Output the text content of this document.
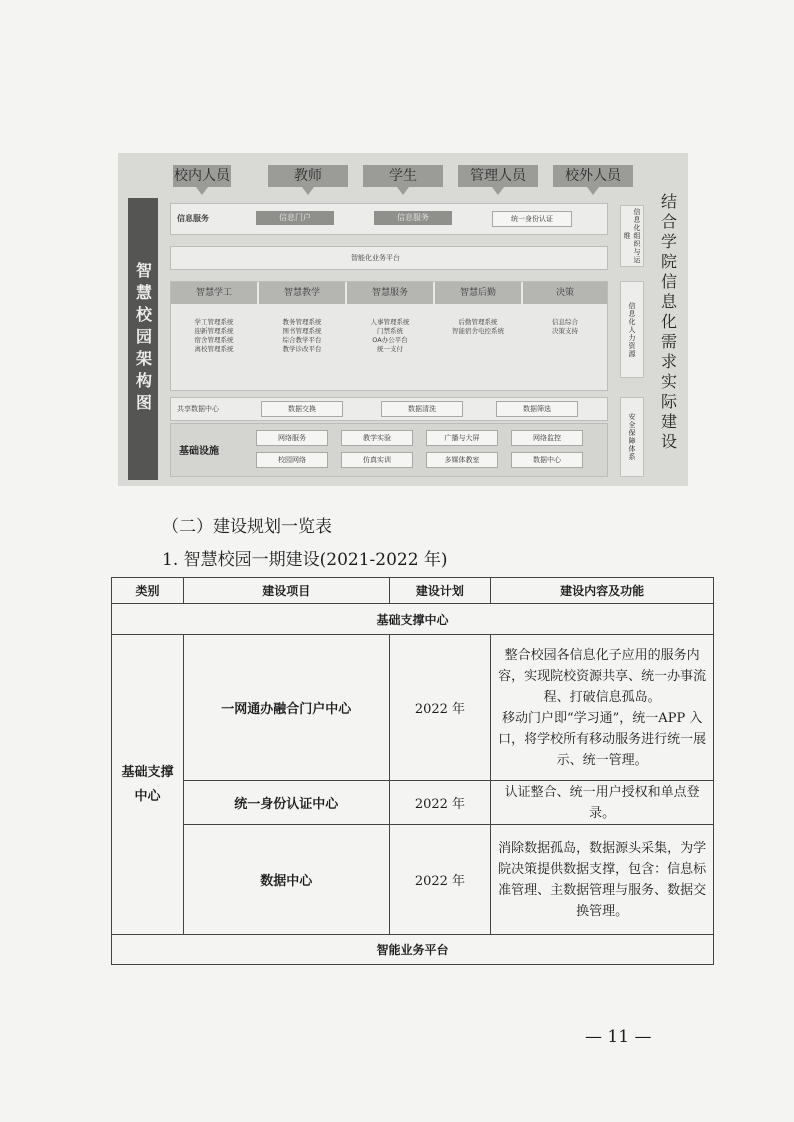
校内人员	教师	学生	管理人员	校外人员
智慧校园架构图
信息服务	信息门户	信息服务	统一身份认证
智能化业务平台
智慧学工	智慧教学	智慧服务	智慧后勤	决策
学工管理系统
迎新管理系统
宿舍管理系统
离校管理系统
教务管理系统
图书管理系统
综合教学平台
教学诊改平台
人事管理系统
门禁系统
OA办公平台
统一支付
后勤管理系统
智能宿舍电控系统
信息综合
决策支持
共享数据中心	数据交换	数据清洗	数据筛选
基础设施
网络服务	教学实验	广播与大屏	网络监控
校园网络	仿真实训	多媒体教室	数据中心
信息化组织与运维
信息化人力资源
安全保障体系 结合学院信息化需求实际建设
（二）建设规划一览表
1. 智慧校园一期建设(2021-2022 年)
类别	建设项目	建设计划	建设内容及功能
基础支撑中心			
基础支撑中心	一网通办融合门户中心	2022 年	整合校园各信息化子应用的服务内容，实现院校资源共享、统一办事流程、打破信息孤岛。
移动门户即“学习通”，统一APP 入口，将学校所有移动服务进行统一展示、统一管理。
	统一身份认证中心	2022 年	认证整合、统一用户授权和单点登录。
	数据中心	2022 年	消除数据孤岛，数据源头采集，为学院决策提供数据支撑，包含：信息标准管理、主数据管理与服务、数据交换管理。
智能业务平台			
— 11 —
